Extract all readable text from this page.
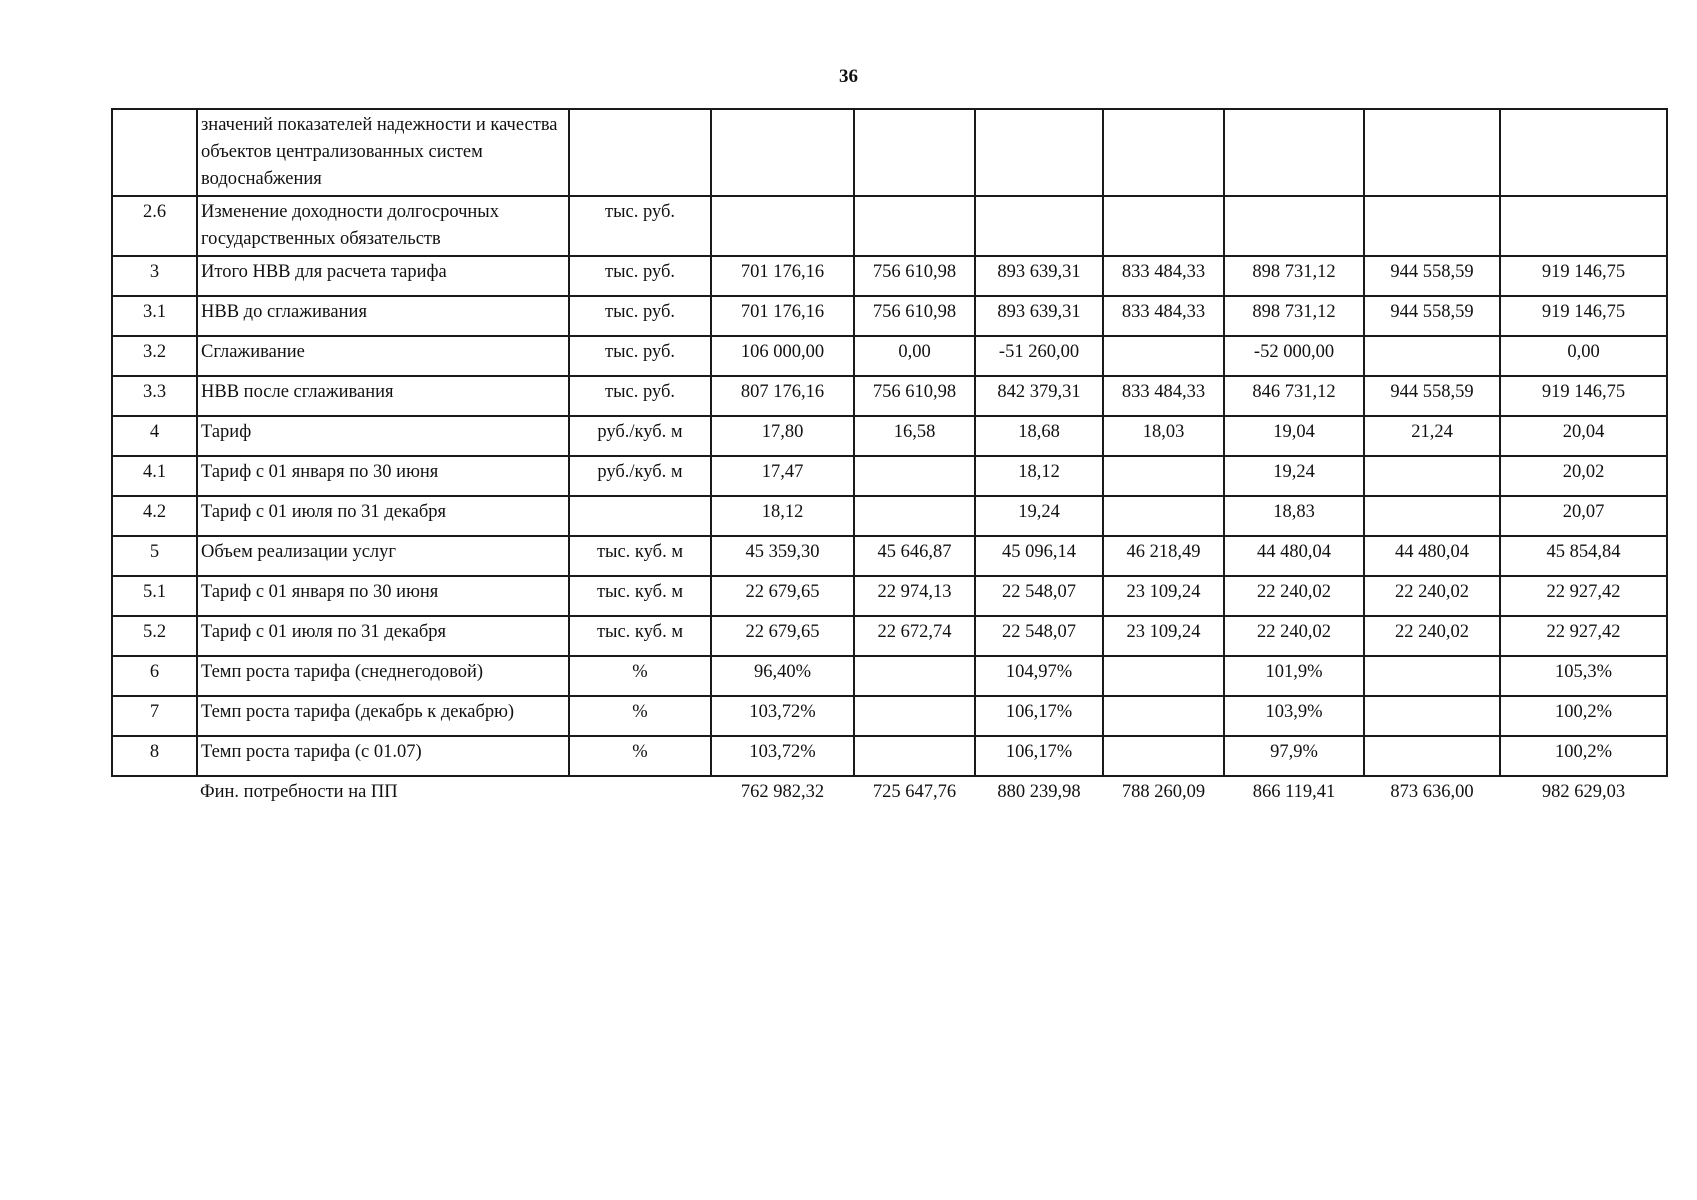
36
	значений показателей надежности и качества объектов централизованных систем водоснабжения								
2.6	Изменение доходности долгосрочных государственных обязательств	тыс. руб.							
3	Итого НВВ для расчета тарифа	тыс. руб.	701 176,16	756 610,98	893 639,31	833 484,33	898 731,12	944 558,59	919 146,75
3.1	НВВ до сглаживания	тыс. руб.	701 176,16	756 610,98	893 639,31	833 484,33	898 731,12	944 558,59	919 146,75
3.2	Сглаживание	тыс. руб.	106 000,00	0,00	-51 260,00		-52 000,00		0,00
3.3	НВВ после сглаживания	тыс. руб.	807 176,16	756 610,98	842 379,31	833 484,33	846 731,12	944 558,59	919 146,75
4	Тариф	руб./куб. м	17,80	16,58	18,68	18,03	19,04	21,24	20,04
4.1	Тариф с 01 января по 30 июня	руб./куб. м	17,47		18,12		19,24		20,02
4.2	Тариф с 01 июля по 31 декабря		18,12		19,24		18,83		20,07
5	Объем реализации услуг	тыс. куб. м	45 359,30	45 646,87	45 096,14	46 218,49	44 480,04	44 480,04	45 854,84
5.1	Тариф с 01 января по 30 июня	тыс. куб. м	22 679,65	22 974,13	22 548,07	23 109,24	22 240,02	22 240,02	22 927,42
5.2	Тариф с 01 июля по 31 декабря	тыс. куб. м	22 679,65	22 672,74	22 548,07	23 109,24	22 240,02	22 240,02	22 927,42
6	Темп роста тарифа (снеднегодовой)	%	96,40%		104,97%		101,9%		105,3%
7	Темп роста тарифа (декабрь к декабрю)	%	103,72%		106,17%		103,9%		100,2%
8	Темп роста тарифа (с 01.07)	%	103,72%		106,17%		97,9%		100,2%
	Фин. потребности на ПП		762 982,32	725 647,76	880 239,98	788 260,09	866 119,41	873 636,00	982 629,03
